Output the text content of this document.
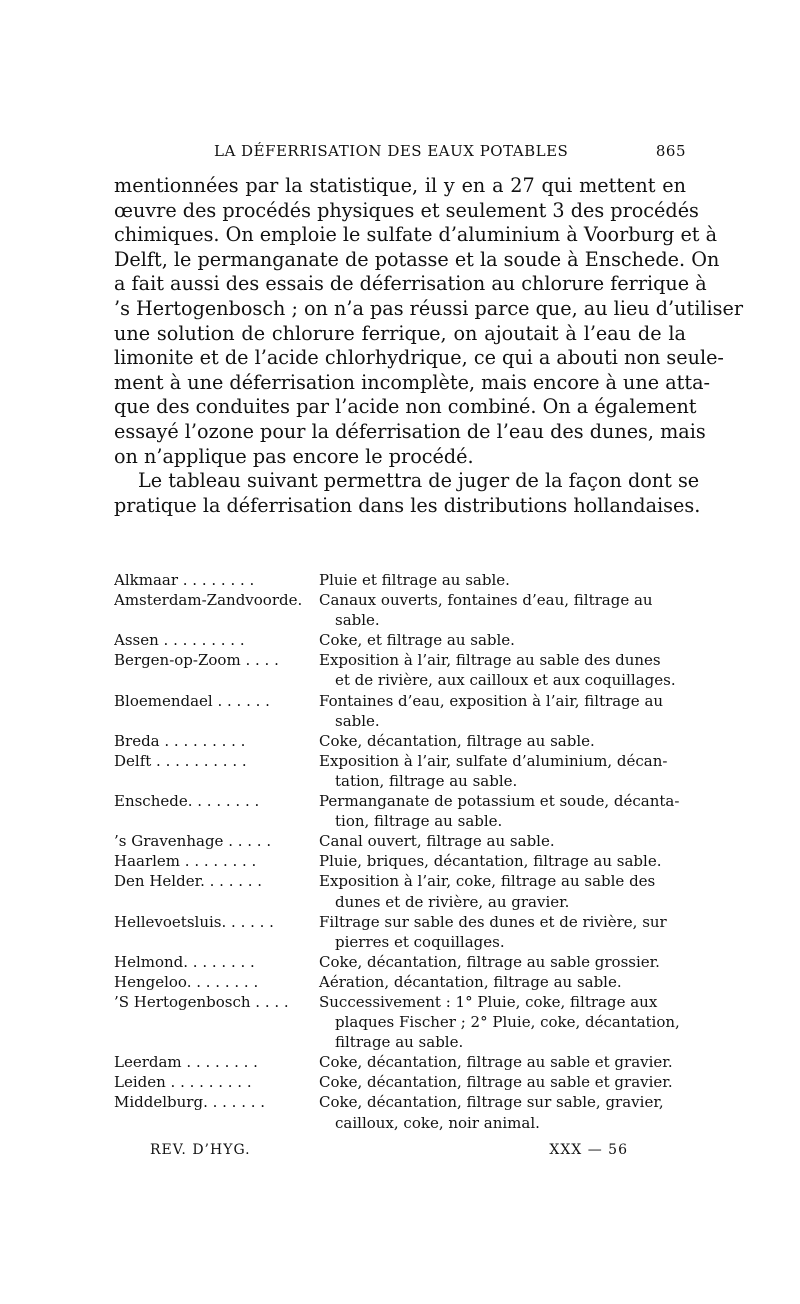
LA DÉFERRISATION DES EAUX POTABLES	865
mentionnées par la statistique, il y en a 27 qui mettent en
œuvre des procédés physiques et seulement 3 des procédés
chimiques. On emploie le sulfate d’aluminium à Voorburg et à
Delft, le permanganate de potasse et la soude à Enschede. On
a fait aussi des essais de déferrisation au chlorure ferrique à
’s Hertogenbosch ; on n’a pas réussi parce que, au lieu d’utiliser
une solution de chlorure ferrique, on ajoutait à l’eau de la
limonite et de l’acide chlorhydrique, ce qui a abouti non seule-
ment à une déferrisation incomplète, mais encore à une atta-
que des conduites par l’acide non combiné. On a également
essayé l’ozone pour la déferrisation de l’eau des dunes, mais
on n’applique pas encore le procédé.
Le tableau suivant permettra de juger de la façon dont se
pratique la déferrisation dans les distributions hollandaises.
Alkmaar . . . . . . . .	Pluie et filtrage au sable.
Amsterdam-Zandvoorde.	Canaux ouverts, fontaines d’eau, filtrage au
sable.
Assen . . . . . . . . .	Coke, et filtrage au sable.
Bergen-op-Zoom . . . .	Exposition à l’air, filtrage au sable des dunes
et de rivière, aux cailloux et aux coquillages.
Bloemendael . . . . . .	Fontaines d’eau, exposition à l’air, filtrage au
sable.
Breda . . . . . . . . .	Coke, décantation, filtrage au sable.
Delft . . . . . . . . . .	Exposition à l’air, sulfate d’aluminium, décan-
tation, filtrage au sable.
Enschede. . . . . . . .	Permanganate de potassium et soude, décanta-
tion, filtrage au sable.
’s Gravenhage . . . . .	Canal ouvert, filtrage au sable.
Haarlem . . . . . . . .	Pluie, briques, décantation, filtrage au sable.
Den Helder. . . . . . .	Exposition à l’air, coke, filtrage au sable des
dunes et de rivière, au gravier.
Hellevoetsluis. . . . . .	Filtrage sur sable des dunes et de rivière, sur
pierres et coquillages.
Helmond. . . . . . . .	Coke, décantation, filtrage au sable grossier.
Hengeloo. . . . . . . .	Aération, décantation, filtrage au sable.
’S Hertogenbosch . . . .	Successivement : 1° Pluie, coke, filtrage aux
plaques Fischer ; 2° Pluie, coke, décantation,
filtrage au sable.
Leerdam . . . . . . . .	Coke, décantation, filtrage au sable et gravier.
Leiden . . . . . . . . .	Coke, décantation, filtrage au sable et gravier.
Middelburg. . . . . . .	Coke, décantation, filtrage sur sable, gravier,
cailloux, coke, noir animal.
REV. D’HYG.	XXX — 56
